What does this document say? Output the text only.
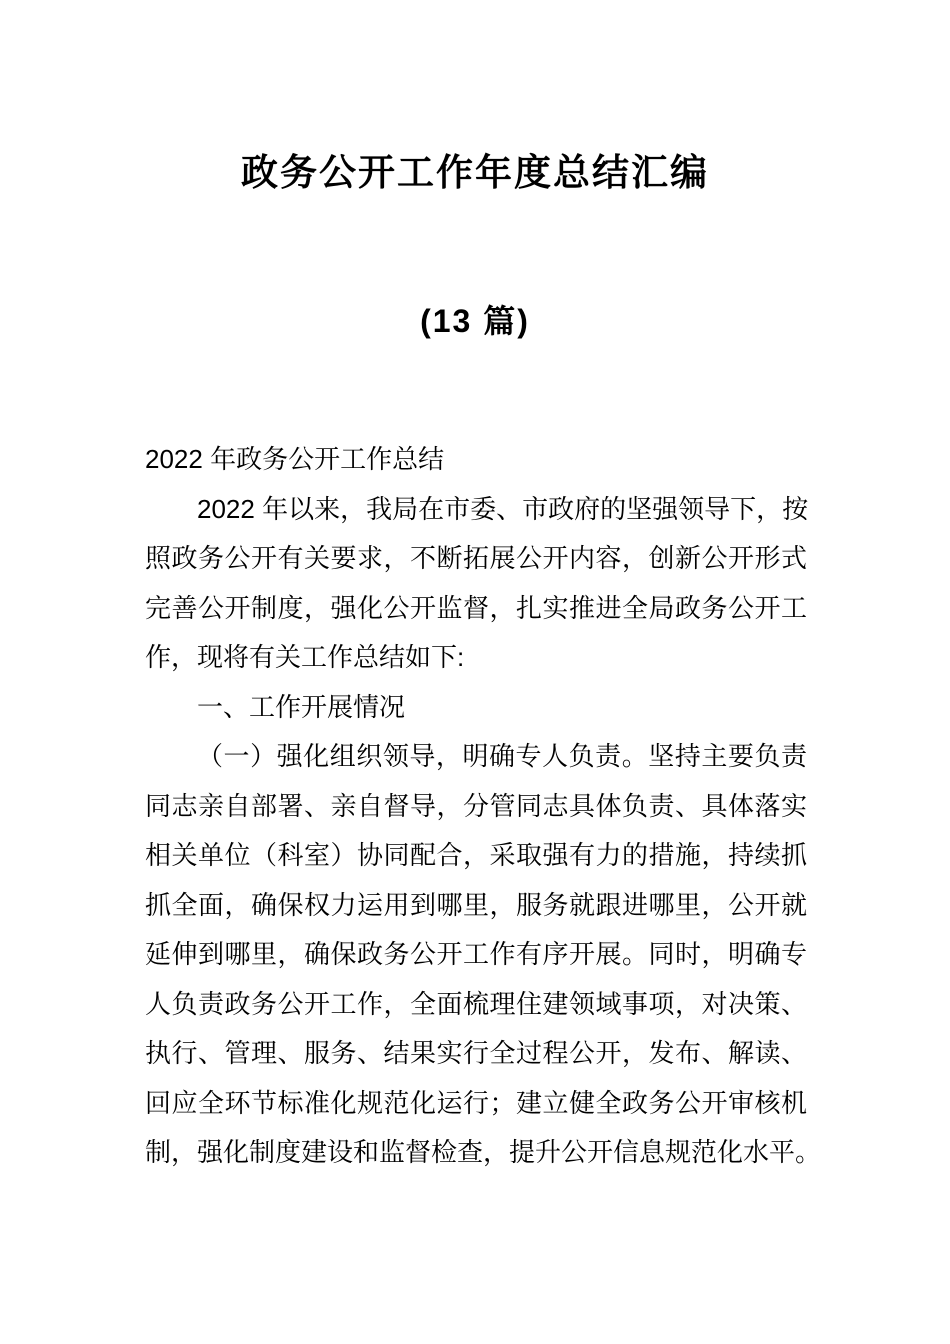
政务公开工作年度总结汇编
(13 篇)
2022 年政务公开工作总结
2022 年以来，我局在市委、市政府的坚强领导下，按
照政务公开有关要求，不断拓展公开内容，创新公开形式
完善公开制度，强化公开监督，扎实推进全局政务公开工
作，现将有关工作总结如下:
一、工作开展情况
（一）强化组织领导，明确专人负责。坚持主要负责
同志亲自部署、亲自督导，分管同志具体负责、具体落实
相关单位（科室）协同配合，采取强有力的措施，持续抓
抓全面，确保权力运用到哪里，服务就跟进哪里，公开就
延伸到哪里，确保政务公开工作有序开展。同时，明确专
人负责政务公开工作，全面梳理住建领域事项，对决策、
执行、管理、服务、结果实行全过程公开，发布、解读、
回应全环节标准化规范化运行；建立健全政务公开审核机
制，强化制度建设和监督检查，提升公开信息规范化水平。
